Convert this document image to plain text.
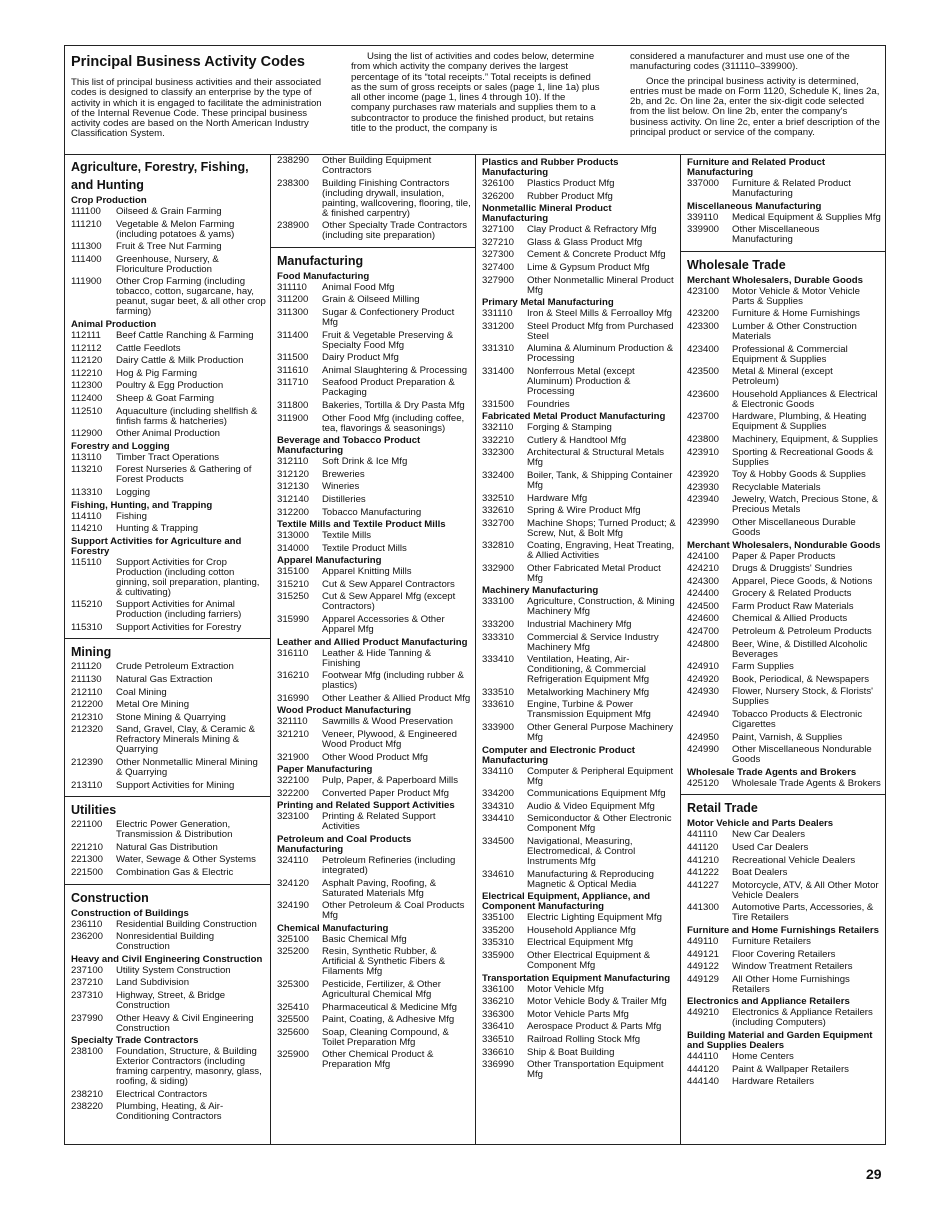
Principal Business Activity Codes
This list of principal business activities and their associated codes is designed to classify an enterprise by the type of activity in which it is engaged to facilitate the administration of the Internal Revenue Code. These principal business activity codes are based on the North American Industry Classification System.
Using the list of activities and codes below, determine from which activity the company derives the largest percentage of its “total receipts.” Total receipts is defined as the sum of gross receipts or sales (page 1, line 1a) plus all other income (page 1, lines 4 through 10). If the company purchases raw materials and supplies them to a subcontractor to produce the finished product, but retains title to the product, the company is
considered a manufacturer and must use one of the manufacturing codes (311110–339900).
Once the principal business activity is determined, entries must be made on Form 1120, Schedule K, lines 2a, 2b, and 2c. On line 2a, enter the six-digit code selected from the list below. On line 2b, enter the company's business activity. On line 2c, enter a brief description of the principal product or service of the company.
Agriculture, Forestry, Fishing, and Hunting
Crop Production
111100	Oilseed & Grain Farming
111210	Vegetable & Melon Farming (including potatoes & yams)
111300	Fruit & Tree Nut Farming
111400	Greenhouse, Nursery, & Floriculture Production
111900	Other Crop Farming (including tobacco, cotton, sugarcane, hay, peanut, sugar beet, & all other crop farming)
Animal Production
112111	Beef Cattle Ranching & Farming
112112	Cattle Feedlots
112120	Dairy Cattle & Milk Production
112210	Hog & Pig Farming
112300	Poultry & Egg Production
112400	Sheep & Goat Farming
112510	Aquaculture (including shellfish & finfish farms & hatcheries)
112900	Other Animal Production
Forestry and Logging
113110	Timber Tract Operations
113210	Forest Nurseries & Gathering of Forest Products
113310	Logging
Fishing, Hunting, and Trapping
114110	Fishing
114210	Hunting & Trapping
Support Activities for Agriculture and Forestry
115110	Support Activities for Crop Production (including cotton ginning, soil preparation, planting, & cultivating)
115210	Support Activities for Animal Production (including farriers)
115310	Support Activities for Forestry
Mining
211120	Crude Petroleum Extraction
211130	Natural Gas Extraction
212110	Coal Mining
212200	Metal Ore Mining
212310	Stone Mining & Quarrying
212320	Sand, Gravel, Clay, & Ceramic & Refractory Minerals Mining & Quarrying
212390	Other Nonmetallic Mineral Mining & Quarrying
213110	Support Activities for Mining
Utilities
221100	Electric Power Generation, Transmission & Distribution
221210	Natural Gas Distribution
221300	Water, Sewage & Other Systems
221500	Combination Gas & Electric
Construction
Construction of Buildings
236110	Residential Building Construction
236200	Nonresidential Building Construction
Heavy and Civil Engineering Construction
237100	Utility System Construction
237210	Land Subdivision
237310	Highway, Street, & Bridge Construction
237990	Other Heavy & Civil Engineering Construction
Specialty Trade Contractors
238100	Foundation, Structure, & Building Exterior Contractors (including framing carpentry, masonry, glass, roofing, & siding)
238210	Electrical Contractors
238220	Plumbing, Heating, & Air-Conditioning Contractors
238290	Other Building Equipment Contractors
238300	Building Finishing Contractors (including drywall, insulation, painting, wallcovering, flooring, tile, & finished carpentry)
238900	Other Specialty Trade Contractors (including site preparation)
Manufacturing
Food Manufacturing
311110	Animal Food Mfg
311200	Grain & Oilseed Milling
311300	Sugar & Confectionery Product Mfg
311400	Fruit & Vegetable Preserving & Specialty Food Mfg
311500	Dairy Product Mfg
311610	Animal Slaughtering & Processing
311710	Seafood Product Preparation & Packaging
311800	Bakeries, Tortilla & Dry Pasta Mfg
311900	Other Food Mfg (including coffee, tea, flavorings & seasonings)
Beverage and Tobacco Product Manufacturing
312110	Soft Drink & Ice Mfg
312120	Breweries
312130	Wineries
312140	Distilleries
312200	Tobacco Manufacturing
Textile Mills and Textile Product Mills
313000	Textile Mills
314000	Textile Product Mills
Apparel Manufacturing
315100	Apparel Knitting Mills
315210	Cut & Sew Apparel Contractors
315250	Cut & Sew Apparel Mfg (except Contractors)
315990	Apparel Accessories & Other Apparel Mfg
Leather and Allied Product Manufacturing
316110	Leather & Hide Tanning & Finishing
316210	Footwear Mfg (including rubber & plastics)
316990	Other Leather & Allied Product Mfg
Wood Product Manufacturing
321110	Sawmills & Wood Preservation
321210	Veneer, Plywood, & Engineered Wood Product Mfg
321900	Other Wood Product Mfg
Paper Manufacturing
322100	Pulp, Paper, & Paperboard Mills
322200	Converted Paper Product Mfg
Printing and Related Support Activities
323100	Printing & Related Support Activities
Petroleum and Coal Products Manufacturing
324110	Petroleum Refineries (including integrated)
324120	Asphalt Paving, Roofing, & Saturated Materials Mfg
324190	Other Petroleum & Coal Products Mfg
Chemical Manufacturing
325100	Basic Chemical Mfg
325200	Resin, Synthetic Rubber, & Artificial & Synthetic Fibers & Filaments Mfg
325300	Pesticide, Fertilizer, & Other Agricultural Chemical Mfg
325410	Pharmaceutical & Medicine Mfg
325500	Paint, Coating, & Adhesive Mfg
325600	Soap, Cleaning Compound, & Toilet Preparation Mfg
325900	Other Chemical Product & Preparation Mfg
Plastics and Rubber Products Manufacturing
326100	Plastics Product Mfg
326200	Rubber Product Mfg
Nonmetallic Mineral Product Manufacturing
327100	Clay Product & Refractory Mfg
327210	Glass & Glass Product Mfg
327300	Cement & Concrete Product Mfg
327400	Lime & Gypsum Product Mfg
327900	Other Nonmetallic Mineral Product Mfg
Primary Metal Manufacturing
331110	Iron & Steel Mills & Ferroalloy Mfg
331200	Steel Product Mfg from Purchased Steel
331310	Alumina & Aluminum Production & Processing
331400	Nonferrous Metal (except Aluminum) Production & Processing
331500	Foundries
Fabricated Metal Product Manufacturing
332110	Forging & Stamping
332210	Cutlery & Handtool Mfg
332300	Architectural & Structural Metals Mfg
332400	Boiler, Tank, & Shipping Container Mfg
332510	Hardware Mfg
332610	Spring & Wire Product Mfg
332700	Machine Shops; Turned Product; & Screw, Nut, & Bolt Mfg
332810	Coating, Engraving, Heat Treating, & Allied Activities
332900	Other Fabricated Metal Product Mfg
Machinery Manufacturing
333100	Agriculture, Construction, & Mining Machinery Mfg
333200	Industrial Machinery Mfg
333310	Commercial & Service Industry Machinery Mfg
333410	Ventilation, Heating, Air-Conditioning, & Commercial Refrigeration Equipment Mfg
333510	Metalworking Machinery Mfg
333610	Engine, Turbine & Power Transmission Equipment Mfg
333900	Other General Purpose Machinery Mfg
Computer and Electronic Product Manufacturing
334110	Computer & Peripheral Equipment Mfg
334200	Communications Equipment Mfg
334310	Audio & Video Equipment Mfg
334410	Semiconductor & Other Electronic Component Mfg
334500	Navigational, Measuring, Electromedical, & Control Instruments Mfg
334610	Manufacturing & Reproducing Magnetic & Optical Media
Electrical Equipment, Appliance, and Component Manufacturing
335100	Electric Lighting Equipment Mfg
335200	Household Appliance Mfg
335310	Electrical Equipment Mfg
335900	Other Electrical Equipment & Component Mfg
Transportation Equipment Manufacturing
336100	Motor Vehicle Mfg
336210	Motor Vehicle Body & Trailer Mfg
336300	Motor Vehicle Parts Mfg
336410	Aerospace Product & Parts Mfg
336510	Railroad Rolling Stock Mfg
336610	Ship & Boat Building
336990	Other Transportation Equipment Mfg
Furniture and Related Product Manufacturing
337000	Furniture & Related Product Manufacturing
Miscellaneous Manufacturing
339110	Medical Equipment & Supplies Mfg
339900	Other Miscellaneous Manufacturing
Wholesale Trade
Merchant Wholesalers, Durable Goods
423100	Motor Vehicle & Motor Vehicle Parts & Supplies
423200	Furniture & Home Furnishings
423300	Lumber & Other Construction Materials
423400	Professional & Commercial Equipment & Supplies
423500	Metal & Mineral (except Petroleum)
423600	Household Appliances & Electrical & Electronic Goods
423700	Hardware, Plumbing, & Heating Equipment & Supplies
423800	Machinery, Equipment, & Supplies
423910	Sporting & Recreational Goods & Supplies
423920	Toy & Hobby Goods & Supplies
423930	Recyclable Materials
423940	Jewelry, Watch, Precious Stone, & Precious Metals
423990	Other Miscellaneous Durable Goods
Merchant Wholesalers, Nondurable Goods
424100	Paper & Paper Products
424210	Drugs & Druggists' Sundries
424300	Apparel, Piece Goods, & Notions
424400	Grocery & Related Products
424500	Farm Product Raw Materials
424600	Chemical & Allied Products
424700	Petroleum & Petroleum Products
424800	Beer, Wine, & Distilled Alcoholic Beverages
424910	Farm Supplies
424920	Book, Periodical, & Newspapers
424930	Flower, Nursery Stock, & Florists' Supplies
424940	Tobacco Products & Electronic Cigarettes
424950	Paint, Varnish, & Supplies
424990	Other Miscellaneous Nondurable Goods
Wholesale Trade Agents and Brokers
425120	Wholesale Trade Agents & Brokers
Retail Trade
Motor Vehicle and Parts Dealers
441110	New Car Dealers
441120	Used Car Dealers
441210	Recreational Vehicle Dealers
441222	Boat Dealers
441227	Motorcycle, ATV, & All Other Motor Vehicle Dealers
441300	Automotive Parts, Accessories, & Tire Retailers
Furniture and Home Furnishings Retailers
449110	Furniture Retailers
449121	Floor Covering Retailers
449122	Window Treatment Retailers
449129	All Other Home Furnishings Retailers
Electronics and Appliance Retailers
449210	Electronics & Appliance Retailers (including Computers)
Building Material and Garden Equipment and Supplies Dealers
444110	Home Centers
444120	Paint & Wallpaper Retailers
444140	Hardware Retailers
29
